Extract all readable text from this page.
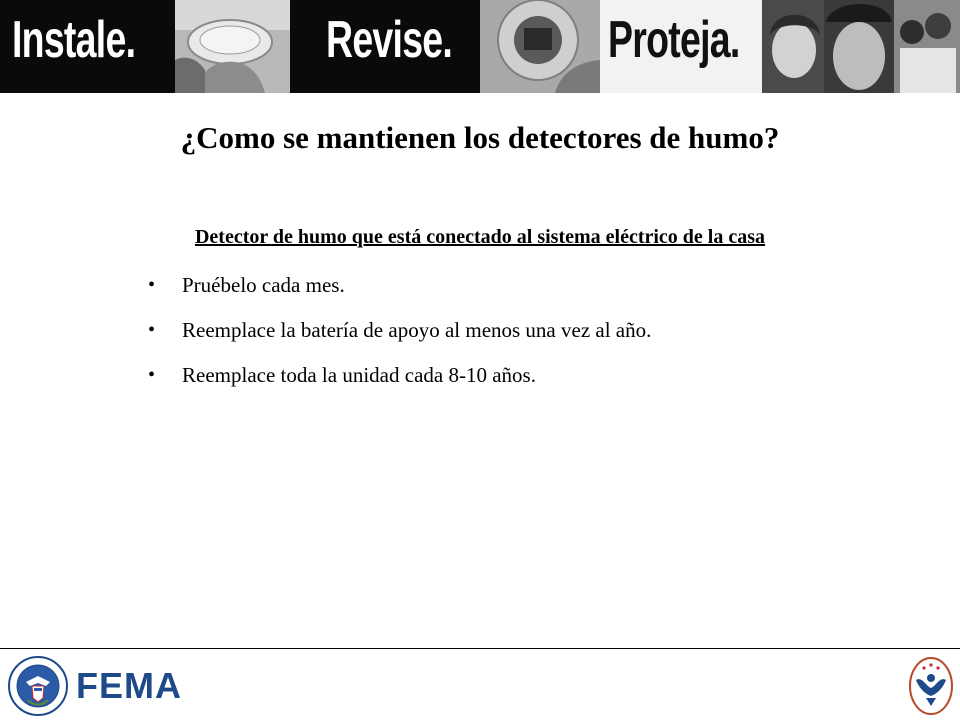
Instale.	Revise.	Proteja.
¿Como se mantienen los detectores de humo?
Detector de humo que está conectado al sistema eléctrico de la casa
•	Pruébelo cada mes.
•	Reemplace la batería de apoyo al menos una vez al año.
•	Reemplace toda la unidad cada 8-10 años.
FEMA
